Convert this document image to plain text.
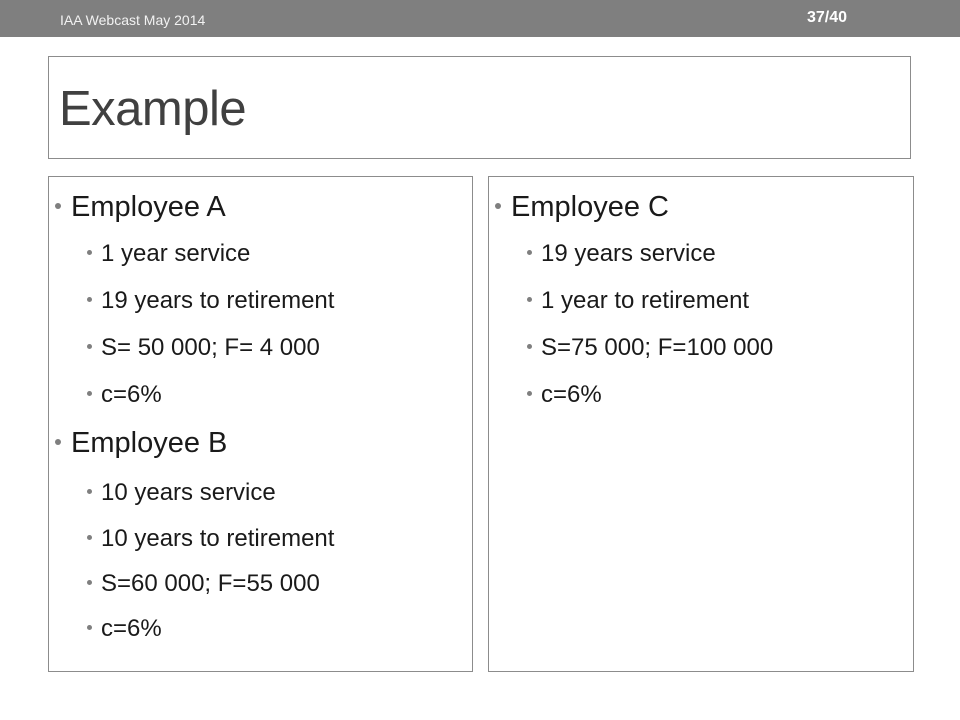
IAA Webcast May 2014	37/40
Example
Employee A
1 year service
19 years to retirement
S= 50 000; F= 4 000
c=6%
Employee B
10 years service
10 years to retirement
S=60 000; F=55 000
c=6%
Employee C
19 years service
1 year to retirement
S=75 000; F=100 000
c=6%
